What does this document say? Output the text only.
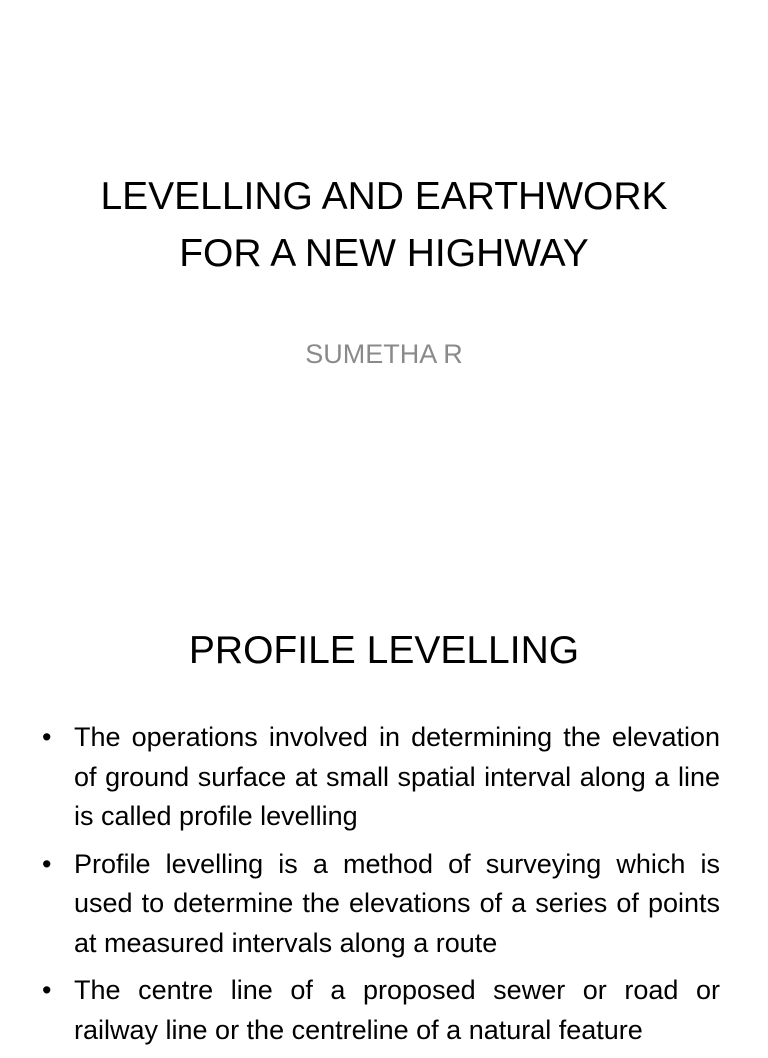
LEVELLING AND EARTHWORK
FOR A NEW HIGHWAY
SUMETHA R
PROFILE LEVELLING
• The operations involved in determining the elevation of ground surface at small spatial interval along a line is called profile levelling
• Profile levelling is a method of surveying which is used to determine the elevations of a series of points at measured intervals along a route
• The centre line of a proposed sewer or road or railway line or the centreline of a natural feature
